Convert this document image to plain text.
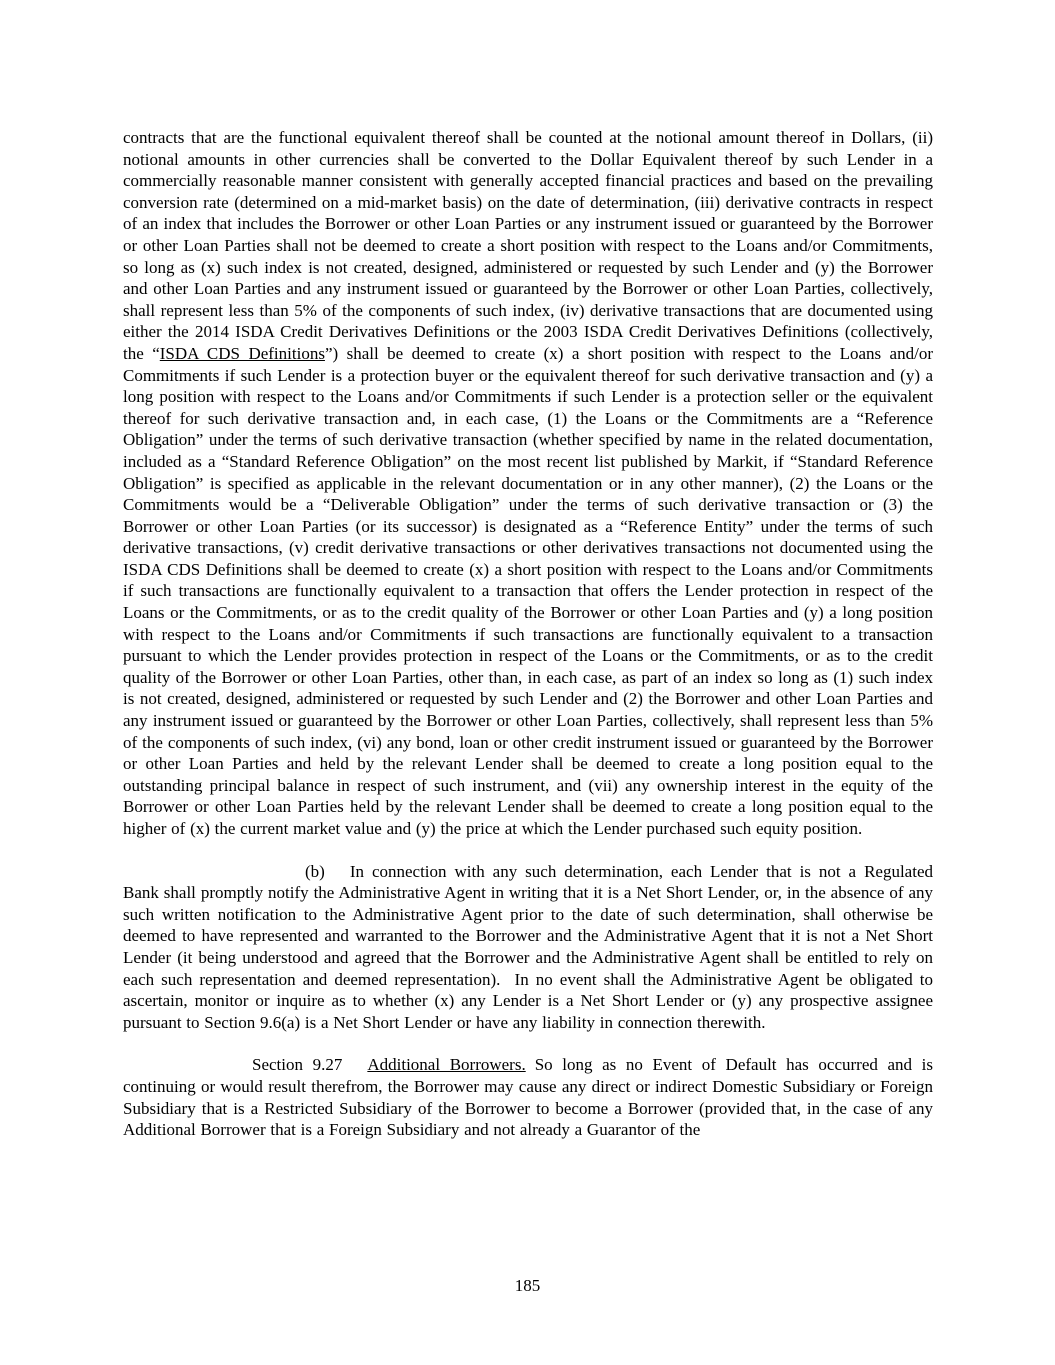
contracts that are the functional equivalent thereof shall be counted at the notional amount thereof in Dollars, (ii) notional amounts in other currencies shall be converted to the Dollar Equivalent thereof by such Lender in a commercially reasonable manner consistent with generally accepted financial practices and based on the prevailing conversion rate (determined on a mid-market basis) on the date of determination, (iii) derivative contracts in respect of an index that includes the Borrower or other Loan Parties or any instrument issued or guaranteed by the Borrower or other Loan Parties shall not be deemed to create a short position with respect to the Loans and/or Commitments, so long as (x) such index is not created, designed, administered or requested by such Lender and (y) the Borrower and other Loan Parties and any instrument issued or guaranteed by the Borrower or other Loan Parties, collectively, shall represent less than 5% of the components of such index, (iv) derivative transactions that are documented using either the 2014 ISDA Credit Derivatives Definitions or the 2003 ISDA Credit Derivatives Definitions (collectively, the “ISDA CDS Definitions”) shall be deemed to create (x) a short position with respect to the Loans and/or Commitments if such Lender is a protection buyer or the equivalent thereof for such derivative transaction and (y) a long position with respect to the Loans and/or Commitments if such Lender is a protection seller or the equivalent thereof for such derivative transaction and, in each case, (1) the Loans or the Commitments are a “Reference Obligation” under the terms of such derivative transaction (whether specified by name in the related documentation, included as a “Standard Reference Obligation” on the most recent list published by Markit, if “Standard Reference Obligation” is specified as applicable in the relevant documentation or in any other manner), (2) the Loans or the Commitments would be a “Deliverable Obligation” under the terms of such derivative transaction or (3) the Borrower or other Loan Parties (or its successor) is designated as a “Reference Entity” under the terms of such derivative transactions, (v) credit derivative transactions or other derivatives transactions not documented using the ISDA CDS Definitions shall be deemed to create (x) a short position with respect to the Loans and/or Commitments if such transactions are functionally equivalent to a transaction that offers the Lender protection in respect of the Loans or the Commitments, or as to the credit quality of the Borrower or other Loan Parties and (y) a long position with respect to the Loans and/or Commitments if such transactions are functionally equivalent to a transaction pursuant to which the Lender provides protection in respect of the Loans or the Commitments, or as to the credit quality of the Borrower or other Loan Parties, other than, in each case, as part of an index so long as (1) such index is not created, designed, administered or requested by such Lender and (2) the Borrower and other Loan Parties and any instrument issued or guaranteed by the Borrower or other Loan Parties, collectively, shall represent less than 5% of the components of such index, (vi) any bond, loan or other credit instrument issued or guaranteed by the Borrower or other Loan Parties and held by the relevant Lender shall be deemed to create a long position equal to the outstanding principal balance in respect of such instrument, and (vii) any ownership interest in the equity of the Borrower or other Loan Parties held by the relevant Lender shall be deemed to create a long position equal to the higher of (x) the current market value and (y) the price at which the Lender purchased such equity position.

(b) In connection with any such determination, each Lender that is not a Regulated Bank shall promptly notify the Administrative Agent in writing that it is a Net Short Lender, or, in the absence of any such written notification to the Administrative Agent prior to the date of such determination, shall otherwise be deemed to have represented and warranted to the Borrower and the Administrative Agent that it is not a Net Short Lender (it being understood and agreed that the Borrower and the Administrative Agent shall be entitled to rely on each such representation and deemed representation).  In no event shall the Administrative Agent be obligated to ascertain, monitor or inquire as to whether (x) any Lender is a Net Short Lender or (y) any prospective assignee pursuant to Section 9.6(a) is a Net Short Lender or have any liability in connection therewith.

Section 9.27 Additional Borrowers. So long as no Event of Default has occurred and is continuing or would result therefrom, the Borrower may cause any direct or indirect Domestic Subsidiary or Foreign Subsidiary that is a Restricted Subsidiary of the Borrower to become a Borrower (provided that, in the case of any Additional Borrower that is a Foreign Subsidiary and not already a Guarantor of the

185
